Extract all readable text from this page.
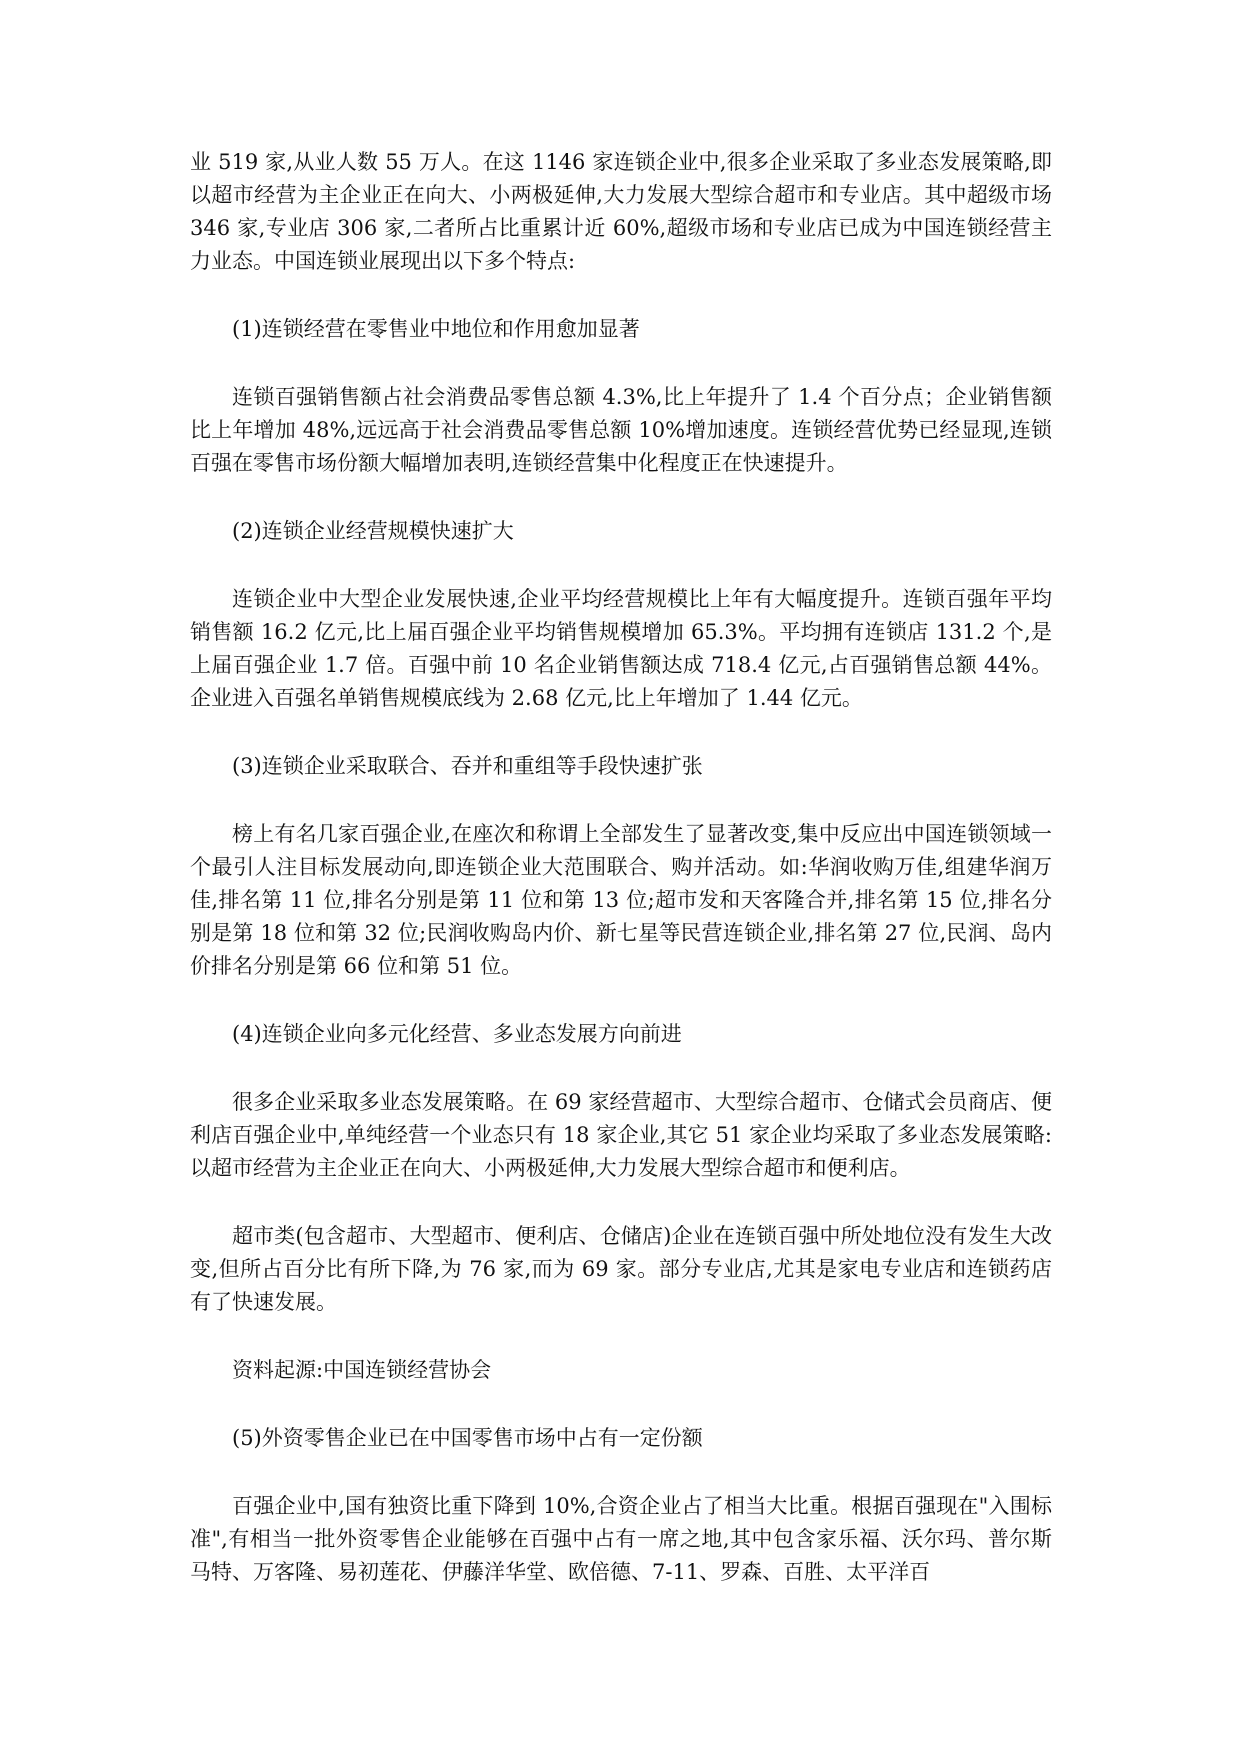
业 519 家,从业人数 55 万人。在这 1146 家连锁企业中,很多企业采取了多业态发展策略,即以超市经营为主企业正在向大、小两极延伸,大力发展大型综合超市和专业店。其中超级市场 346 家,专业店 306 家,二者所占比重累计近 60%,超级市场和专业店已成为中国连锁经营主力业态。中国连锁业展现出以下多个特点:

(1)连锁经营在零售业中地位和作用愈加显著

连锁百强销售额占社会消费品零售总额 4.3%,比上年提升了 1.4 个百分点；企业销售额比上年增加 48%,远远高于社会消费品零售总额 10%增加速度。连锁经营优势已经显现,连锁百强在零售市场份额大幅增加表明,连锁经营集中化程度正在快速提升。

(2)连锁企业经营规模快速扩大

连锁企业中大型企业发展快速,企业平均经营规模比上年有大幅度提升。连锁百强年平均销售额 16.2 亿元,比上届百强企业平均销售规模增加 65.3%。平均拥有连锁店 131.2 个,是上届百强企业 1.7 倍。百强中前 10 名企业销售额达成 718.4 亿元,占百强销售总额 44%。企业进入百强名单销售规模底线为 2.68 亿元,比上年增加了 1.44 亿元。

(3)连锁企业采取联合、吞并和重组等手段快速扩张

榜上有名几家百强企业,在座次和称谓上全部发生了显著改变,集中反应出中国连锁领域一个最引人注目标发展动向,即连锁企业大范围联合、购并活动。如:华润收购万佳,组建华润万佳,排名第 11 位,排名分别是第 11 位和第 13 位;超市发和天客隆合并,排名第 15 位,排名分别是第 18 位和第 32 位;民润收购岛内价、新七星等民营连锁企业,排名第 27 位,民润、岛内价排名分别是第 66 位和第 51 位。

(4)连锁企业向多元化经营、多业态发展方向前进

很多企业采取多业态发展策略。在 69 家经营超市、大型综合超市、仓储式会员商店、便利店百强企业中,单纯经营一个业态只有 18 家企业,其它 51 家企业均采取了多业态发展策略:以超市经营为主企业正在向大、小两极延伸,大力发展大型综合超市和便利店。

超市类(包含超市、大型超市、便利店、仓储店)企业在连锁百强中所处地位没有发生大改变,但所占百分比有所下降,为 76 家,而为 69 家。部分专业店,尤其是家电专业店和连锁药店有了快速发展。

资料起源:中国连锁经营协会

(5)外资零售企业已在中国零售市场中占有一定份额

百强企业中,国有独资比重下降到 10%,合资企业占了相当大比重。根据百强现在"入围标准",有相当一批外资零售企业能够在百强中占有一席之地,其中包含家乐福、沃尔玛、普尔斯马特、万客隆、易初莲花、伊藤洋华堂、欧倍德、7-11、罗森、百胜、太平洋百
